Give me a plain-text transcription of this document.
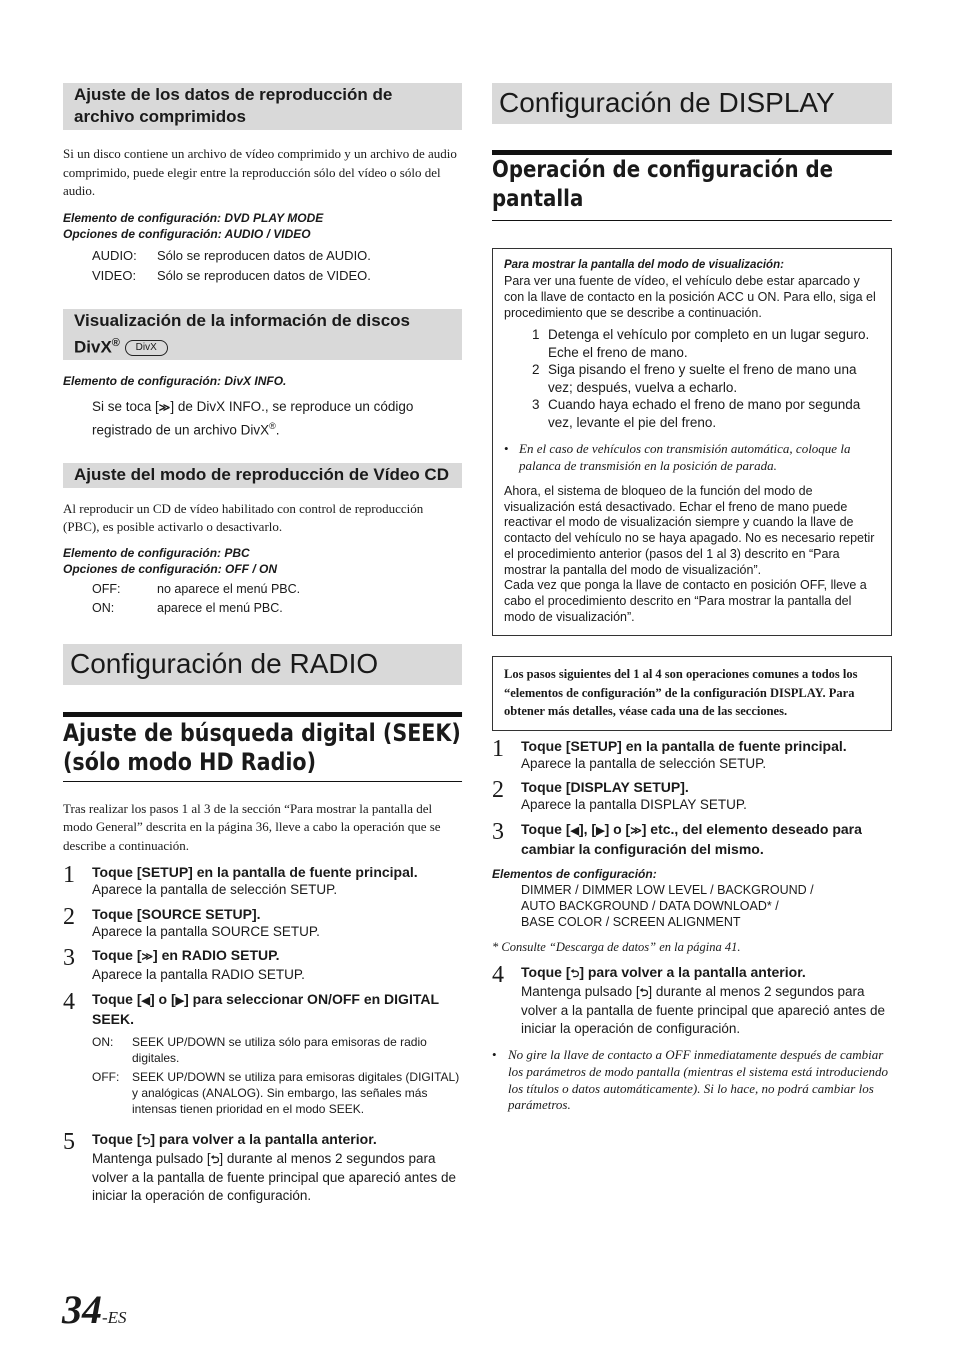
Ajuste de los datos de reproducción de archivo comprimidos
Si un disco contiene un archivo de vídeo comprimido y un archivo de audio comprimido, puede elegir entre la reproducción sólo del vídeo o sólo del audio.
Elemento de configuración: DVD PLAY MODE
Opciones de configuración: AUDIO / VIDEO
AUDIO:	Sólo se reproducen datos de AUDIO.
VIDEO:	Sólo se reproducen datos de VIDEO.
Visualización de la información de discos DivX® DivX
Elemento de configuración: DivX INFO.
Si se toca [≫] de DivX INFO., se reproduce un código registrado de un archivo DivX®.
Ajuste del modo de reproducción de Vídeo CD
Al reproducir un CD de vídeo habilitado con control de reproducción (PBC), es posible activarlo o desactivarlo.
Elemento de configuración: PBC
Opciones de configuración: OFF / ON
OFF:	no aparece el menú PBC.
ON:	aparece el menú PBC.
Configuración de RADIO
Ajuste de búsqueda digital (SEEK) (sólo modo HD Radio)
Tras realizar los pasos 1 al 3 de la sección “Para mostrar la pantalla del modo General” descrita en la página 36, lleve a cabo la operación que se describe a continuación.
1	Toque [SETUP] en la pantalla de fuente principal.
Aparece la pantalla de selección SETUP.
2	Toque [SOURCE SETUP].
Aparece la pantalla SOURCE SETUP.
3	Toque [≫] en RADIO SETUP.
Aparece la pantalla RADIO SETUP.
4	Toque [◀] o [▶] para seleccionar ON/OFF en DIGITAL SEEK.
ON:	SEEK UP/DOWN se utiliza sólo para emisoras de radio digitales.
OFF:	SEEK UP/DOWN se utiliza para emisoras digitales (DIGITAL) y analógicas (ANALOG). Sin embargo, las señales más intensas tienen prioridad en el modo SEEK.
5	Toque [⮌] para volver a la pantalla anterior.
Mantenga pulsado [⮌] durante al menos 2 segundos para volver a la pantalla de fuente principal que apareció antes de iniciar la operación de configuración.
Configuración de DISPLAY
Operación de configuración de pantalla
Para mostrar la pantalla del modo de visualización:
Para ver una fuente de vídeo, el vehículo debe estar aparcado y con la llave de contacto en la posición ACC u ON. Para ello, siga el procedimiento que se describe a continuación.
1 Detenga el vehículo por completo en un lugar seguro. Eche el freno de mano.
2 Siga pisando el freno y suelte el freno de mano una vez; después, vuelva a echarlo.
3 Cuando haya echado el freno de mano por segunda vez, levante el pie del freno.
• En el caso de vehículos con transmisión automática, coloque la palanca de transmisión en la posición de parada.
Ahora, el sistema de bloqueo de la función del modo de visualización está desactivado. Echar el freno de mano puede reactivar el modo de visualización siempre y cuando la llave de contacto del vehículo no se haya apagado. No es necesario repetir el procedimiento anterior (pasos del 1 al 3) descrito en “Para mostrar la pantalla del modo de visualización”.
Cada vez que ponga la llave de contacto en posición OFF, lleve a cabo el procedimiento descrito en “Para mostrar la pantalla del modo de visualización”.
Los pasos siguientes del 1 al 4 son operaciones comunes a todos los “elementos de configuración” de la configuración DISPLAY. Para obtener más detalles, véase cada una de las secciones.
1	Toque [SETUP] en la pantalla de fuente principal.
Aparece la pantalla de selección SETUP.
2	Toque [DISPLAY SETUP].
Aparece la pantalla DISPLAY SETUP.
3	Toque [◀], [▶] o [≫] etc., del elemento deseado para cambiar la configuración del mismo.
Elementos de configuración:
DIMMER / DIMMER LOW LEVEL / BACKGROUND /
AUTO BACKGROUND / DATA DOWNLOAD* /
BASE COLOR / SCREEN ALIGNMENT
* Consulte “Descarga de datos” en la página 41.
4	Toque [⮌] para volver a la pantalla anterior.
Mantenga pulsado [⮌] durante al menos 2 segundos para volver a la pantalla de fuente principal que apareció antes de iniciar la operación de configuración.
• No gire la llave de contacto a OFF inmediatamente después de cambiar los parámetros de modo pantalla (mientras el sistema está introduciendo los títulos o datos automáticamente). Si lo hace, no podrá cambiar los parámetros.
34-ES
